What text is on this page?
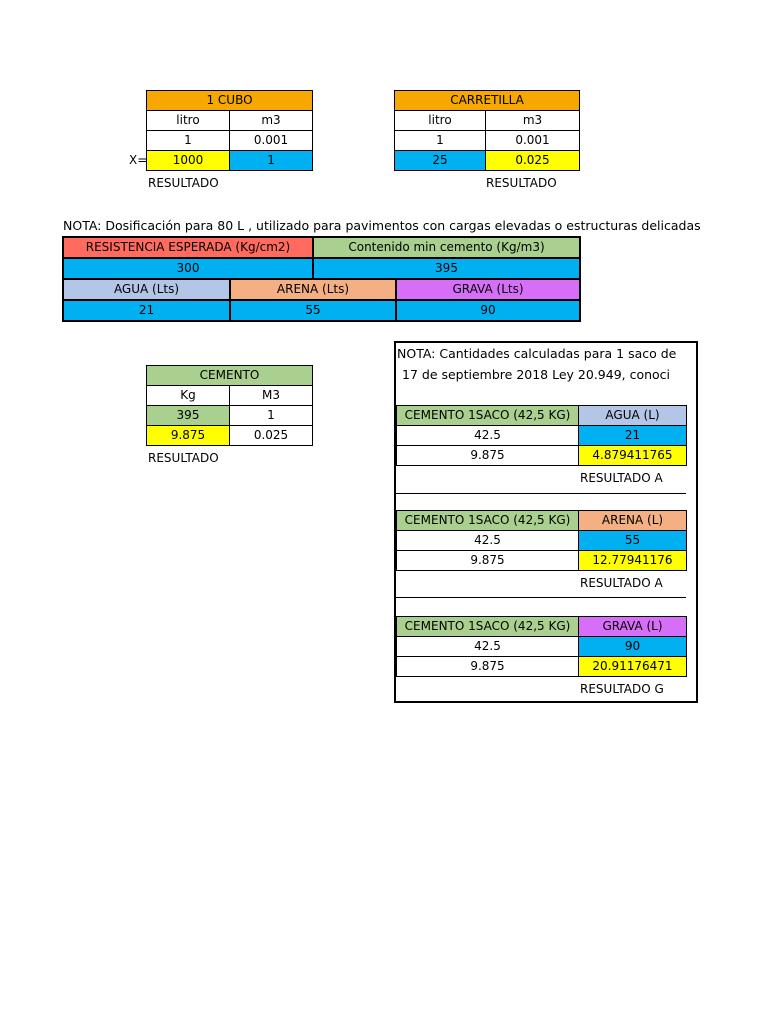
1 CUBO	
litro	m3
1	0.001
1000	1
X=
RESULTADO
CARRETILLA	
litro	m3
1	0.001
25	0.025
RESULTADO
NOTA: Dosificación para 80 L , utilizado para pavimentos con cargas elevadas o estructuras delicadas
RESISTENCIA ESPERADA (Kg/cm2)		Contenido min cemento (Kg/m3)	
300		395	
AGUA (Lts)	ARENA (Lts)		GRAVA (Lts)
21	55		90
CEMENTO	
Kg	M3
395	1
9.875	0.025
RESULTADO
NOTA: Cantidades calculadas para 1 saco de
17 de septiembre 2018 Ley 20.949, conoci
CEMENTO 1SACO (42,5 KG)	AGUA (L)
42.5	21
9.875	4.879411765
RESULTADO A
CEMENTO 1SACO (42,5 KG)	ARENA (L)
42.5	55
9.875	12.77941176
RESULTADO A
CEMENTO 1SACO (42,5 KG)	GRAVA (L)
42.5	90
9.875	20.91176471
RESULTADO G
